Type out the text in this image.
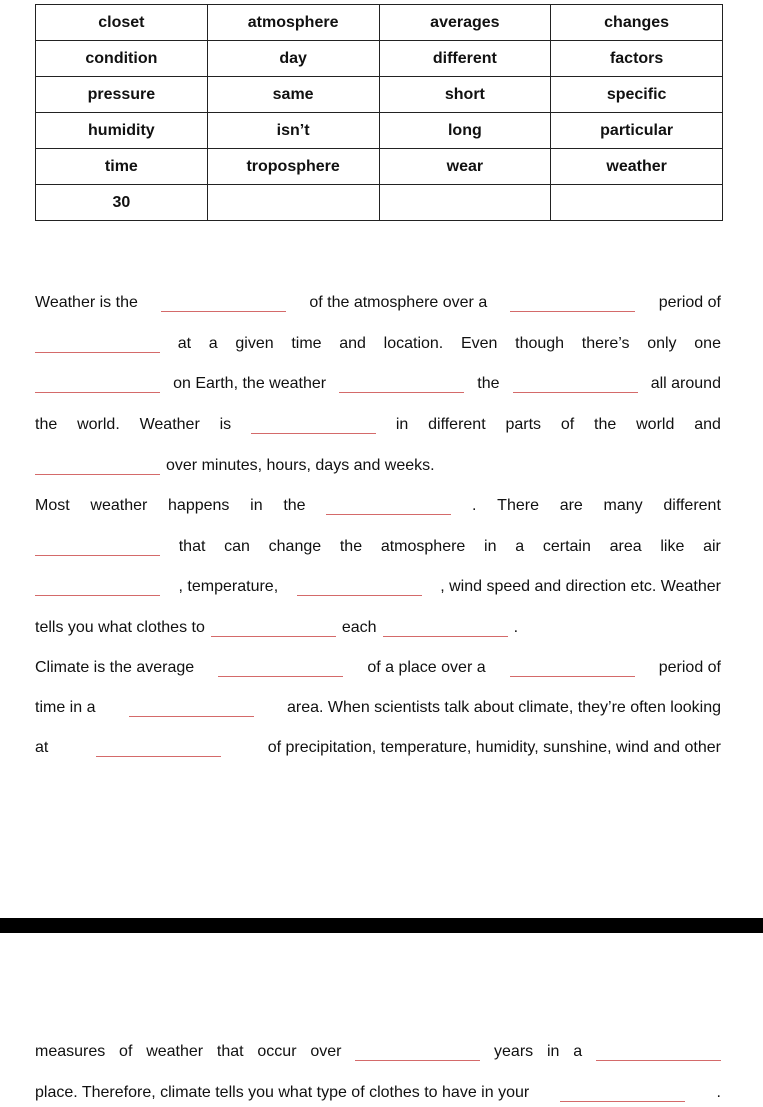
closet	atmosphere	averages	changes
condition	day	different	factors
pressure	same	short	specific
humidity	isn’t	long	particular
time	troposphere	wear	weather
30			
Weather is the	of the atmosphere over a	period of
at a given time and location. Even though there’s only one
on Earth, the weather	the	all around
the world. Weather is	in different parts of the world and
over minutes, hours, days and weeks.
Most weather happens in the	. There are many different
that can change the atmosphere in a certain area like air
, temperature,	, wind speed and direction etc. Weather
tells you what clothes to	each	.
Climate is the average	of a place over a	period of
time in a	area. When scientists talk about climate, they’re often looking
at	of precipitation, temperature, humidity, sunshine, wind and other
measures of weather that occur over	years in a
place. Therefore, climate tells you what type of clothes to have in your	.
